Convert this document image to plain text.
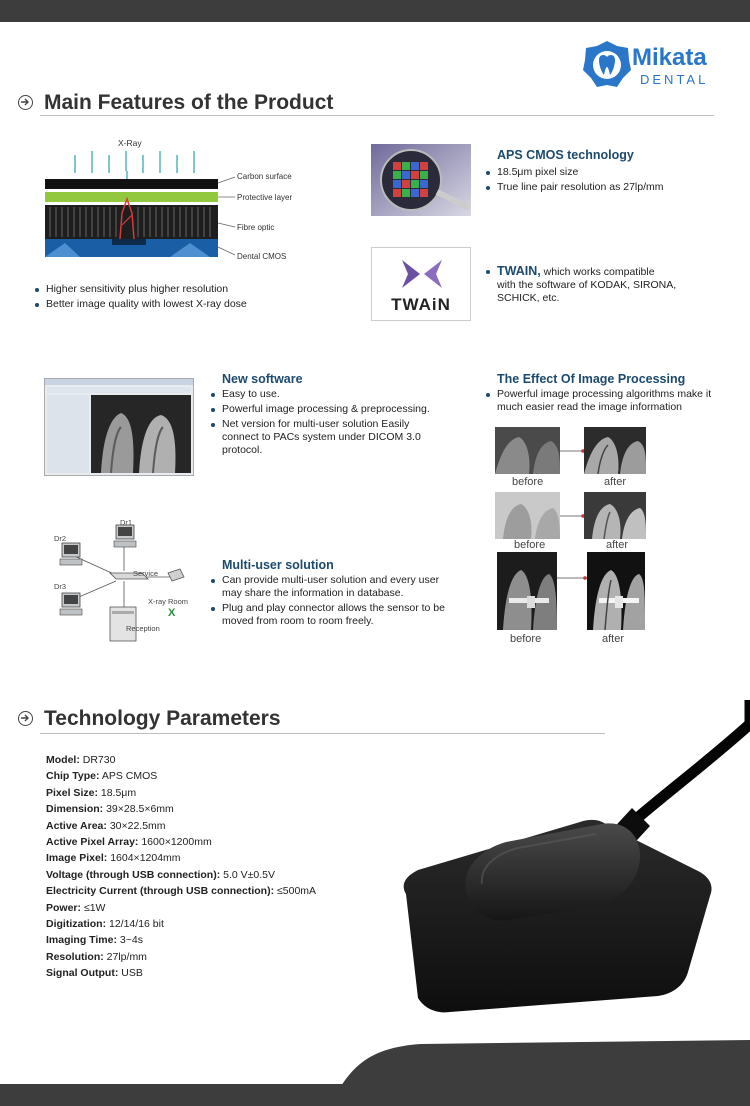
Mikata
DENTAL
Main Features of the Product
X-Ray
Carbon surface
Protective layer
Fibre optic
Dental CMOS
Higher sensitivity plus higher resolution
Better image quality with lowest X-ray dose
APS CMOS technology
18.5μm pixel size
True line pair resolution as 27lp/mm
TWAiN
TWAIN, which works compatible
with the software of KODAK, SIRONA,
SCHICK, etc.
New software
Easy to use.
Powerful image processing & preprocessing.
Net version for multi-user solution Easily connect to PACs system under DICOM 3.0 protocol.
The Effect Of Image Processing
Powerful image processing algorithms make it much easier read the image information
before	after
before	after
before	after
Dr1
Dr2
Dr3
Service
X-ray Room
X
Reception
Multi-user solution
Can provide multi-user solution and every user may share the information in database.
Plug and play connector allows the sensor to be moved from room to room freely.
Technology Parameters
Model: DR730
Chip Type: APS CMOS
Pixel Size: 18.5μm
Dimension: 39×28.5×6mm
Active Area: 30×22.5mm
Active Pixel Array: 1600×1200mm
Image Pixel: 1604×1204mm
Voltage (through USB connection): 5.0 V±0.5V
Electricity Current (through USB connection): ≤500mA
Power: ≤1W
Digitization: 12/14/16 bit
Imaging Time: 3~4s
Resolution: 27lp/mm
Signal Output: USB
